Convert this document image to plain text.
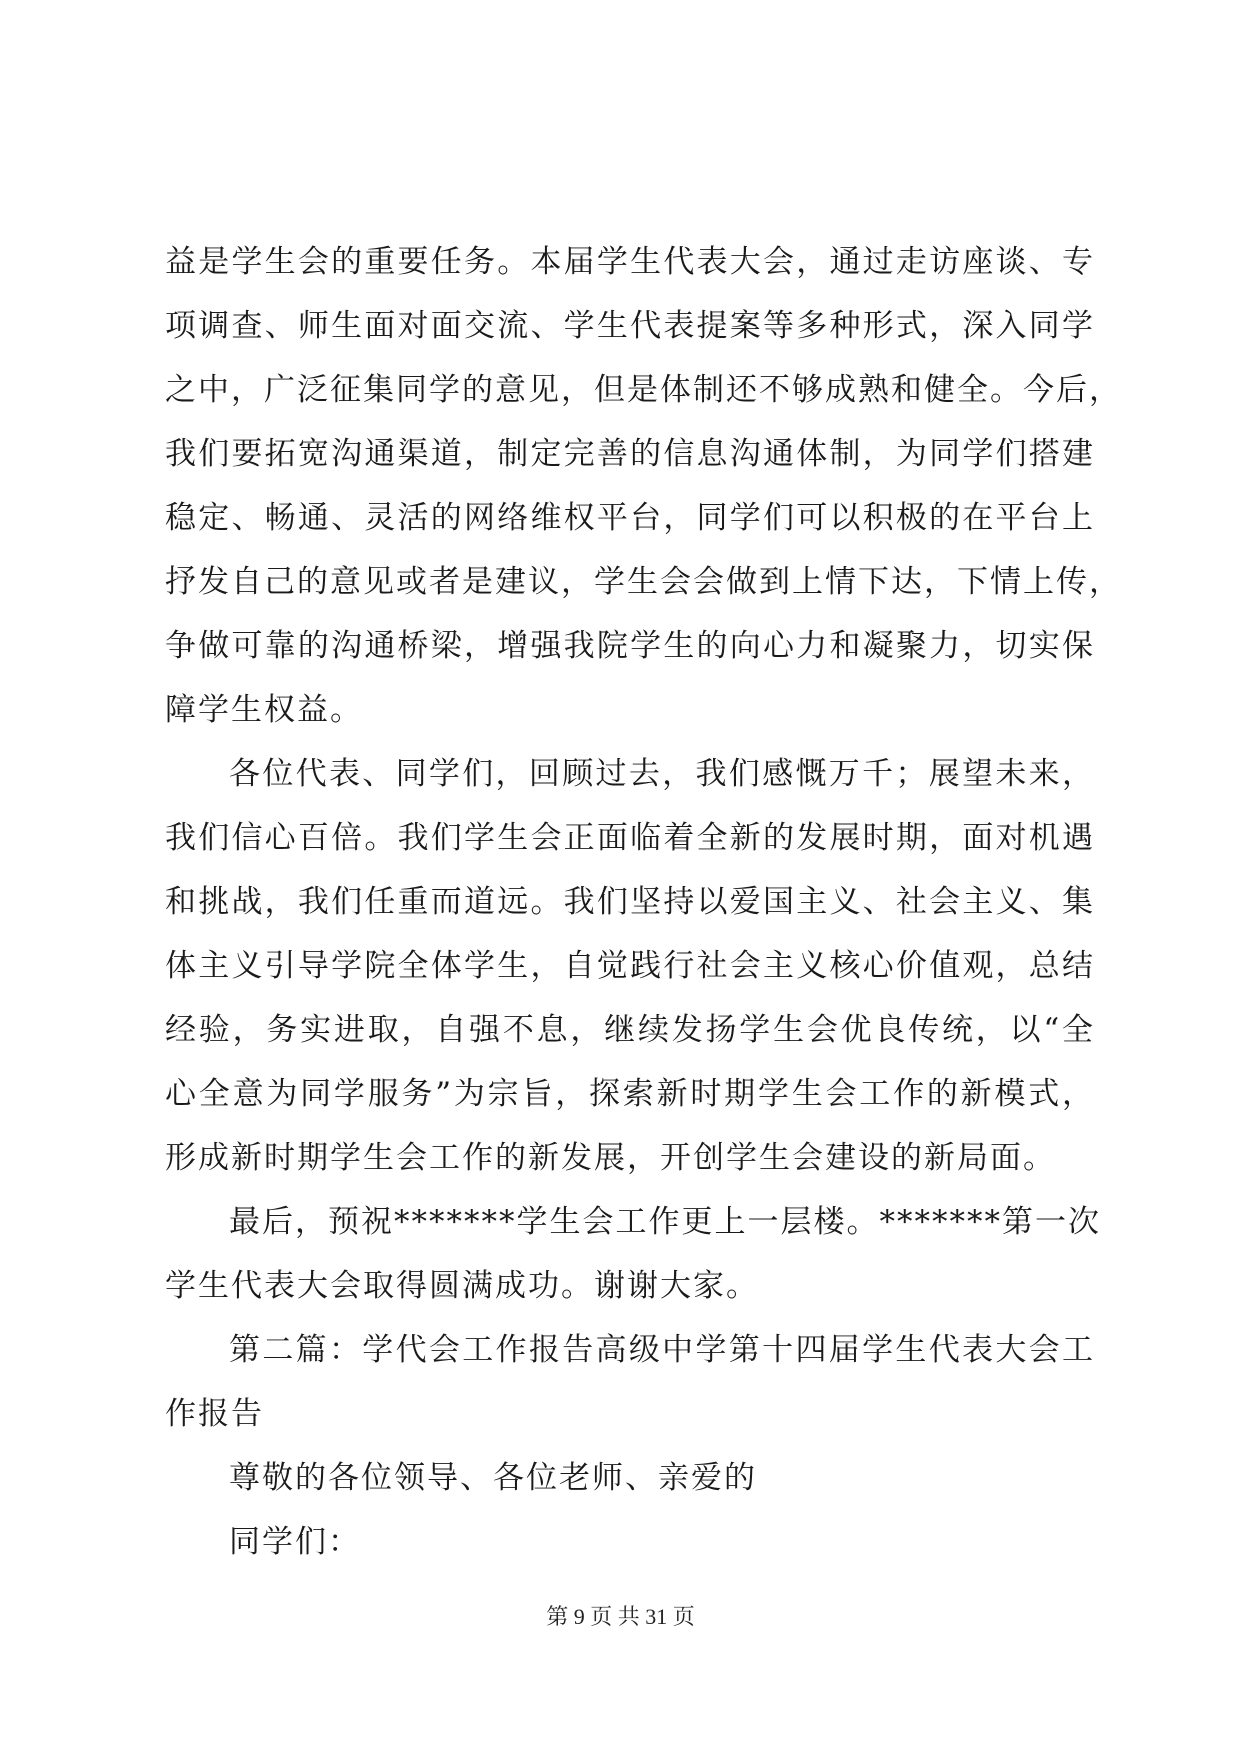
益是学生会的重要任务。本届学生代表大会，通过走访座谈、专
项调查、师生面对面交流、学生代表提案等多种形式，深入同学
之中，广泛征集同学的意见，但是体制还不够成熟和健全。今后，
我们要拓宽沟通渠道，制定完善的信息沟通体制，为同学们搭建
稳定、畅通、灵活的网络维权平台，同学们可以积极的在平台上
抒发自己的意见或者是建议，学生会会做到上情下达，下情上传，
争做可靠的沟通桥梁，增强我院学生的向心力和凝聚力，切实保
障学生权益。
各位代表、同学们，回顾过去，我们感慨万千；展望未来，
我们信心百倍。我们学生会正面临着全新的发展时期，面对机遇
和挑战，我们任重而道远。我们坚持以爱国主义、社会主义、集
体主义引导学院全体学生，自觉践行社会主义核心价值观，总结
经验，务实进取，自强不息，继续发扬学生会优良传统，以“全
心全意为同学服务”为宗旨，探索新时期学生会工作的新模式，
形成新时期学生会工作的新发展，开创学生会建设的新局面。
最后，预祝*******学生会工作更上一层楼。*******第一次
学生代表大会取得圆满成功。谢谢大家。
第二篇：学代会工作报告高级中学第十四届学生代表大会工
作报告
尊敬的各位领导、各位老师、亲爱的
同学们：
第 9 页 共 31 页
